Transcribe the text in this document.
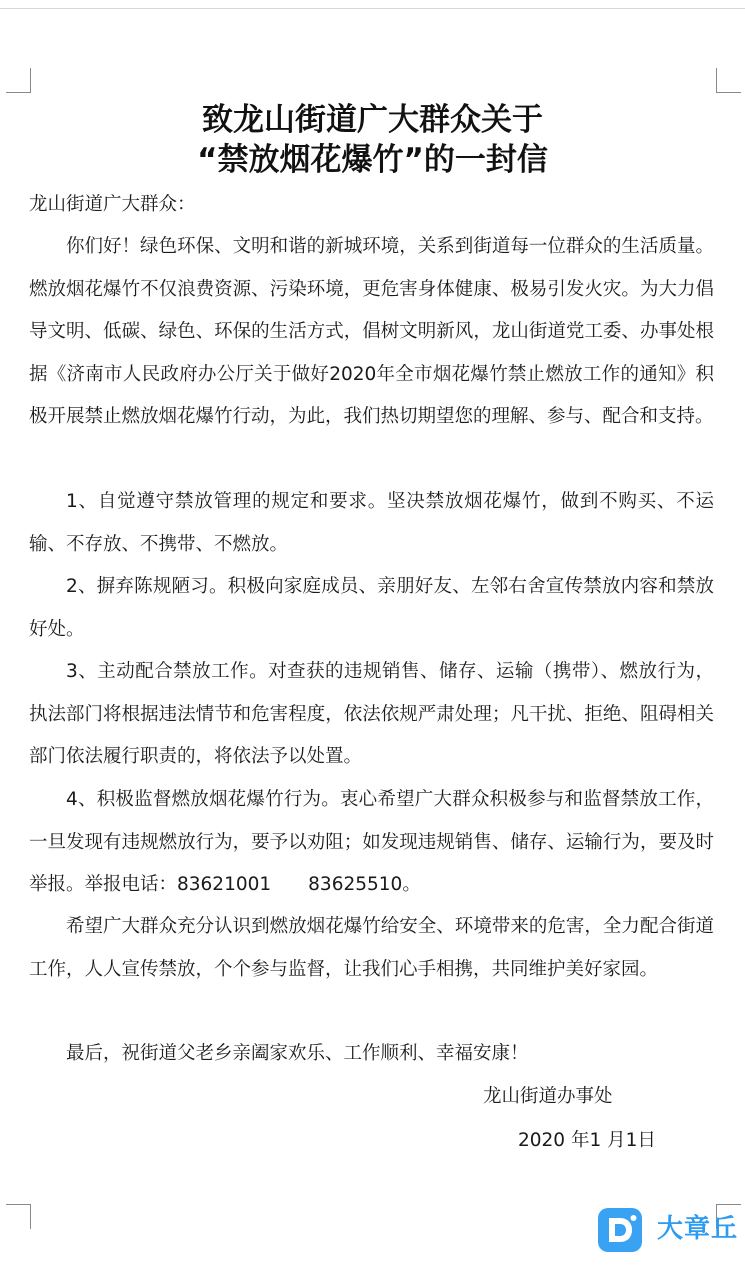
致龙山街道广大群众关于
“禁放烟花爆竹”的一封信

龙山街道广大群众：

你们好！绿色环保、文明和谐的新城环境，关系到街道每一位群众的生活质量。燃放烟花爆竹不仅浪费资源、污染环境，更危害身体健康、极易引发火灾。为大力倡导文明、低碳、绿色、环保的生活方式，倡树文明新风，龙山街道党工委、办事处根据《济南市人民政府办公厅关于做好2020年全市烟花爆竹禁止燃放工作的通知》积极开展禁止燃放烟花爆竹行动，为此，我们热切期望您的理解、参与、配合和支持。

1、自觉遵守禁放管理的规定和要求。坚决禁放烟花爆竹，做到不购买、不运输、不存放、不携带、不燃放。

2、摒弃陈规陋习。积极向家庭成员、亲朋好友、左邻右舍宣传禁放内容和禁放好处。

3、主动配合禁放工作。对查获的违规销售、储存、运输（携带）、燃放行为，执法部门将根据违法情节和危害程度，依法依规严肃处理；凡干扰、拒绝、阻碍相关部门依法履行职责的，将依法予以处置。

4、积极监督燃放烟花爆竹行为。衷心希望广大群众积极参与和监督禁放工作，一旦发现有违规燃放行为，要予以劝阻；如发现违规销售、储存、运输行为，要及时举报。举报电话：83621001　　83625510。

希望广大群众充分认识到燃放烟花爆竹给安全、环境带来的危害，全力配合街道工作，人人宣传禁放，个个参与监督，让我们心手相携，共同维护美好家园。

最后，祝街道父老乡亲阖家欢乐、工作顺利、幸福安康！

龙山街道办事处

2020 年1 月1日

大章丘
